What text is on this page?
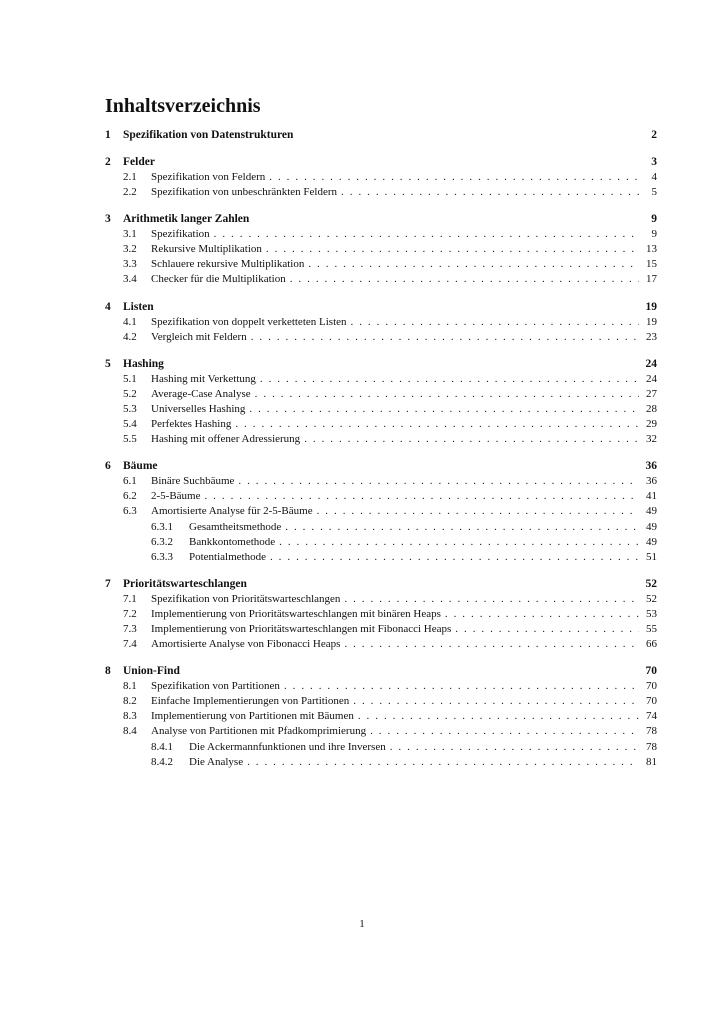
Inhaltsverzeichnis
1	Spezifikation von Datenstrukturen	2
2	Felder	3
2.1	Spezifikation von Feldern . . .	4
2.2	Spezifikation von unbeschränkten Feldern . . .	5
3	Arithmetik langer Zahlen	9
3.1	Spezifikation . . .	9
3.2	Rekursive Multiplikation . . .	13
3.3	Schlauere rekursive Multiplikation . . .	15
3.4	Checker für die Multiplikation . . .	17
4	Listen	19
4.1	Spezifikation von doppelt verketteten Listen . . .	19
4.2	Vergleich mit Feldern . . .	23
5	Hashing	24
5.1	Hashing mit Verkettung . . .	24
5.2	Average-Case Analyse . . .	27
5.3	Universelles Hashing . . .	28
5.4	Perfektes Hashing . . .	29
5.5	Hashing mit offener Adressierung . . .	32
6	Bäume	36
6.1	Binäre Suchbäume . . .	36
6.2	2-5-Bäume . . .	41
6.3	Amortisierte Analyse für 2-5-Bäume . . .	49
6.3.1	Gesamtheitsmethode . . .	49
6.3.2	Bankkontomethode . . .	49
6.3.3	Potentialmethode . . .	51
7	Prioritätswarteschlangen	52
7.1	Spezifikation von Prioritätswarteschlangen . . .	52
7.2	Implementierung von Prioritätswarteschlangen mit binären Heaps . . .	53
7.3	Implementierung von Prioritätswarteschlangen mit Fibonacci Heaps . . .	55
7.4	Amortisierte Analyse von Fibonacci Heaps . . .	66
8	Union-Find	70
8.1	Spezifikation von Partitionen . . .	70
8.2	Einfache Implementierungen von Partitionen . . .	70
8.3	Implementierung von Partitionen mit Bäumen . . .	74
8.4	Analyse von Partitionen mit Pfadkomprimierung . . .	78
8.4.1	Die Ackermannfunktionen und ihre Inversen . . .	78
8.4.2	Die Analyse . . .	81
1
